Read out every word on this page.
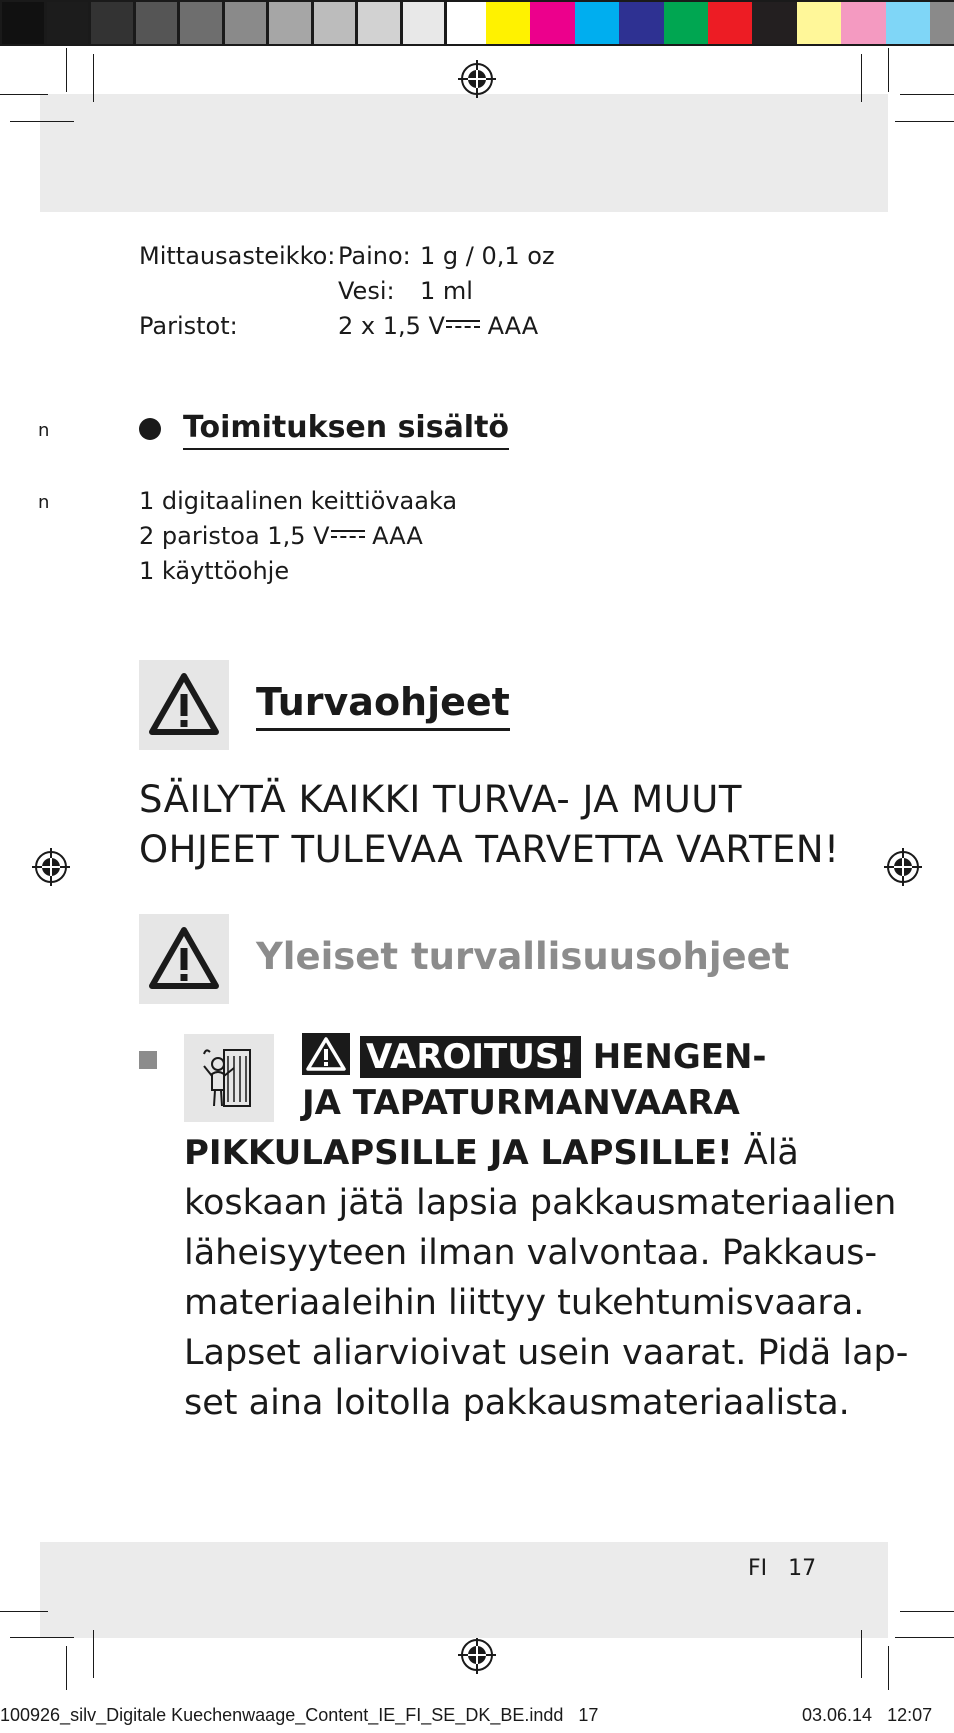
n
n
Mittausasteikko: Paino: 1 g / 0,1 oz
Vesi: 1 ml
Paristot:	2 x 1,5 V AAA
Toimituksen sisältö
1 digitaalinen keittiövaaka
2 paristoa 1,5 V AAA
1 käyttöohje
Turvaohjeet
SÄILYTÄ KAIKKI TURVA- JA MUUT
OHJEET TULEVAA TARVETTA VARTEN!
Yleiset turvallisuusohjeet
VAROITUS! HENGEN-
JA TAPATURMANVAARA
PIKKULAPSILLE JA LAPSILLE! Älä
koskaan jätä lapsia pakkausmateriaalien
läheisyyteen ilman valvontaa. Pakkaus-
materiaaleihin liittyy tukehtumisvaara.
Lapset aliarvioivat usein vaarat. Pidä lap-
set aina loitolla pakkausmateriaalista.
FI 17
100926_silv_Digitale Kuechenwaage_Content_IE_FI_SE_DK_BE.indd 17	03.06.14 12:07
